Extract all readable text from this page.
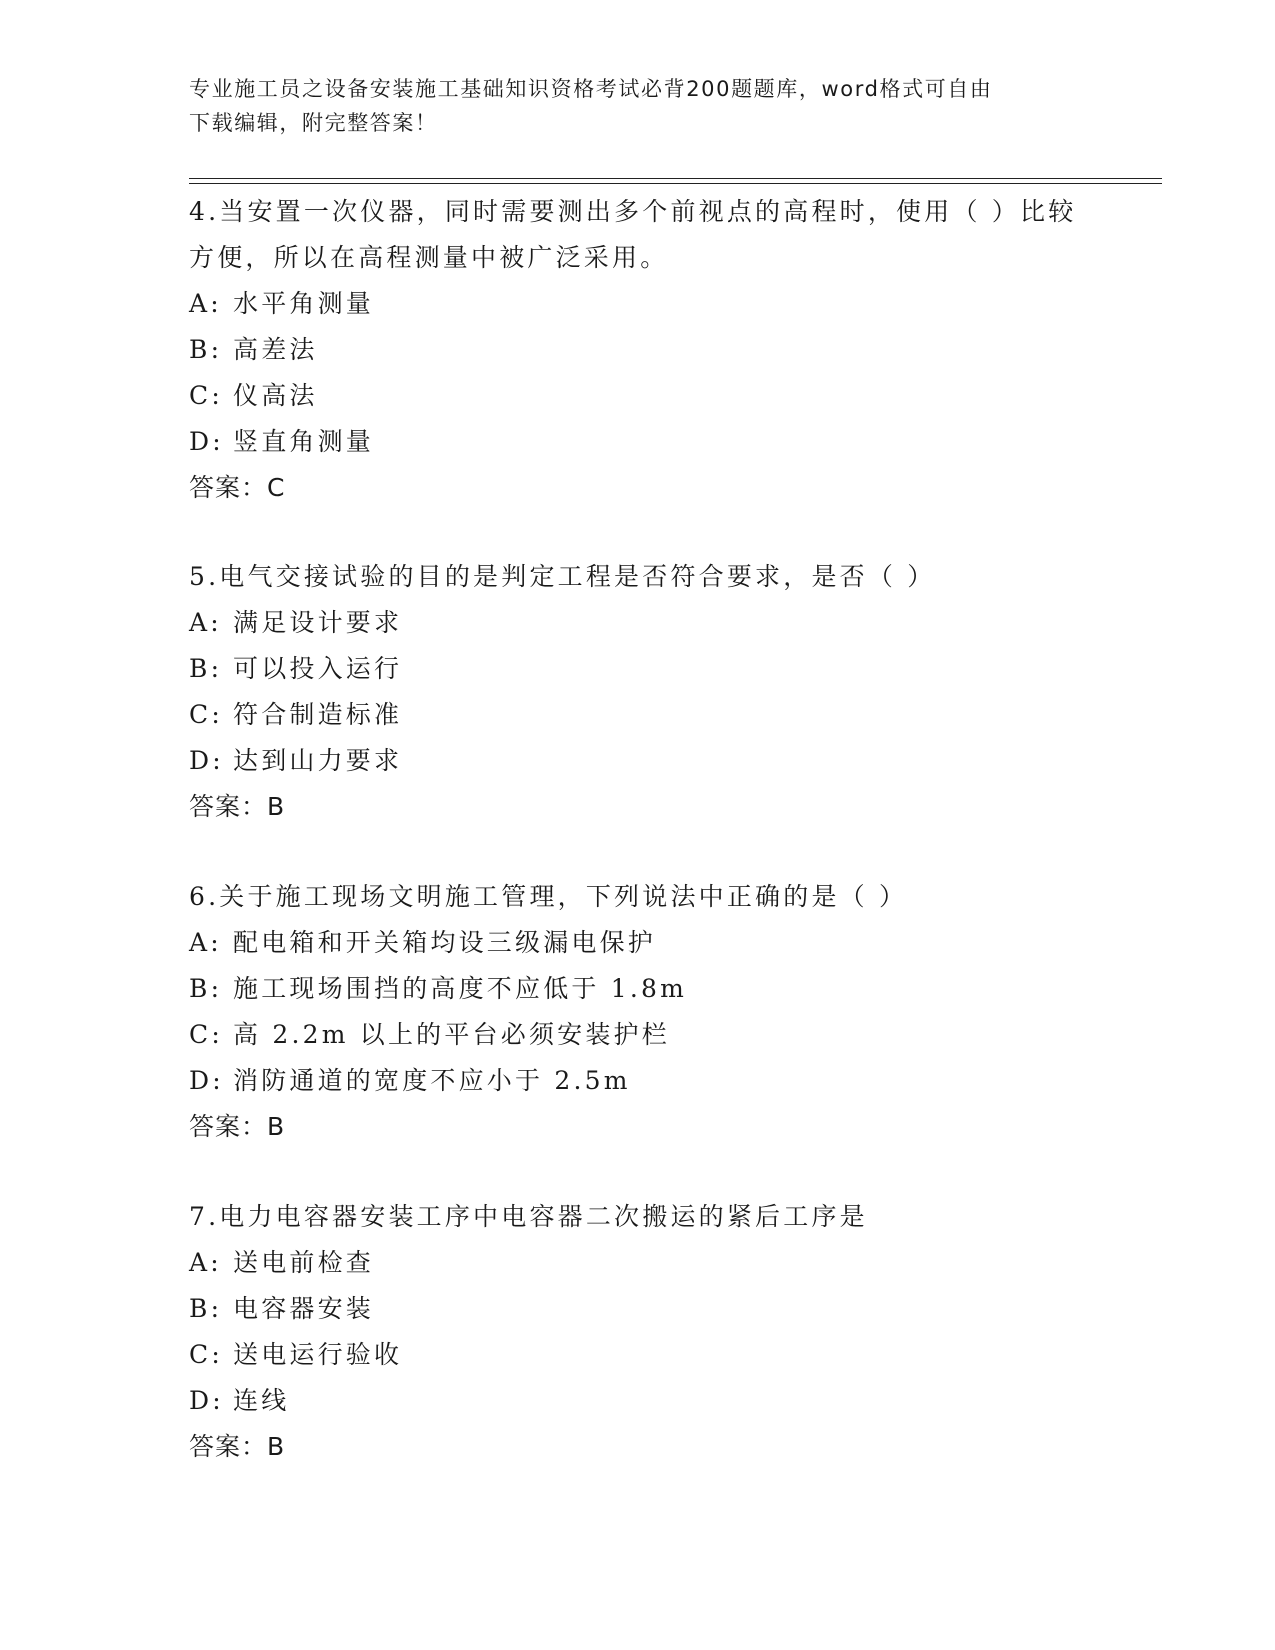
专业施工员之设备安装施工基础知识资格考试必背200题题库，word格式可自由
下载编辑，附完整答案！

4.当安置一次仪器，同时需要测出多个前视点的高程时，使用（ ）比较方便，所以在高程测量中被广泛采用。

A: 水平角测量
B: 高差法
C: 仪高法
D: 竖直角测量
答案：C

5.电气交接试验的目的是判定工程是否符合要求，是否（ ）

A: 满足设计要求
B: 可以投入运行
C: 符合制造标准
D: 达到山力要求
答案：B

6.关于施工现场文明施工管理，下列说法中正确的是（ ）

A: 配电箱和开关箱均设三级漏电保护
B: 施工现场围挡的高度不应低于 1.8m
C: 高 2.2m 以上的平台必须安装护栏
D: 消防通道的宽度不应小于 2.5m
答案：B

7.电力电容器安装工序中电容器二次搬运的紧后工序是

A: 送电前检查
B: 电容器安装
C: 送电运行验收
D: 连线
答案：B
